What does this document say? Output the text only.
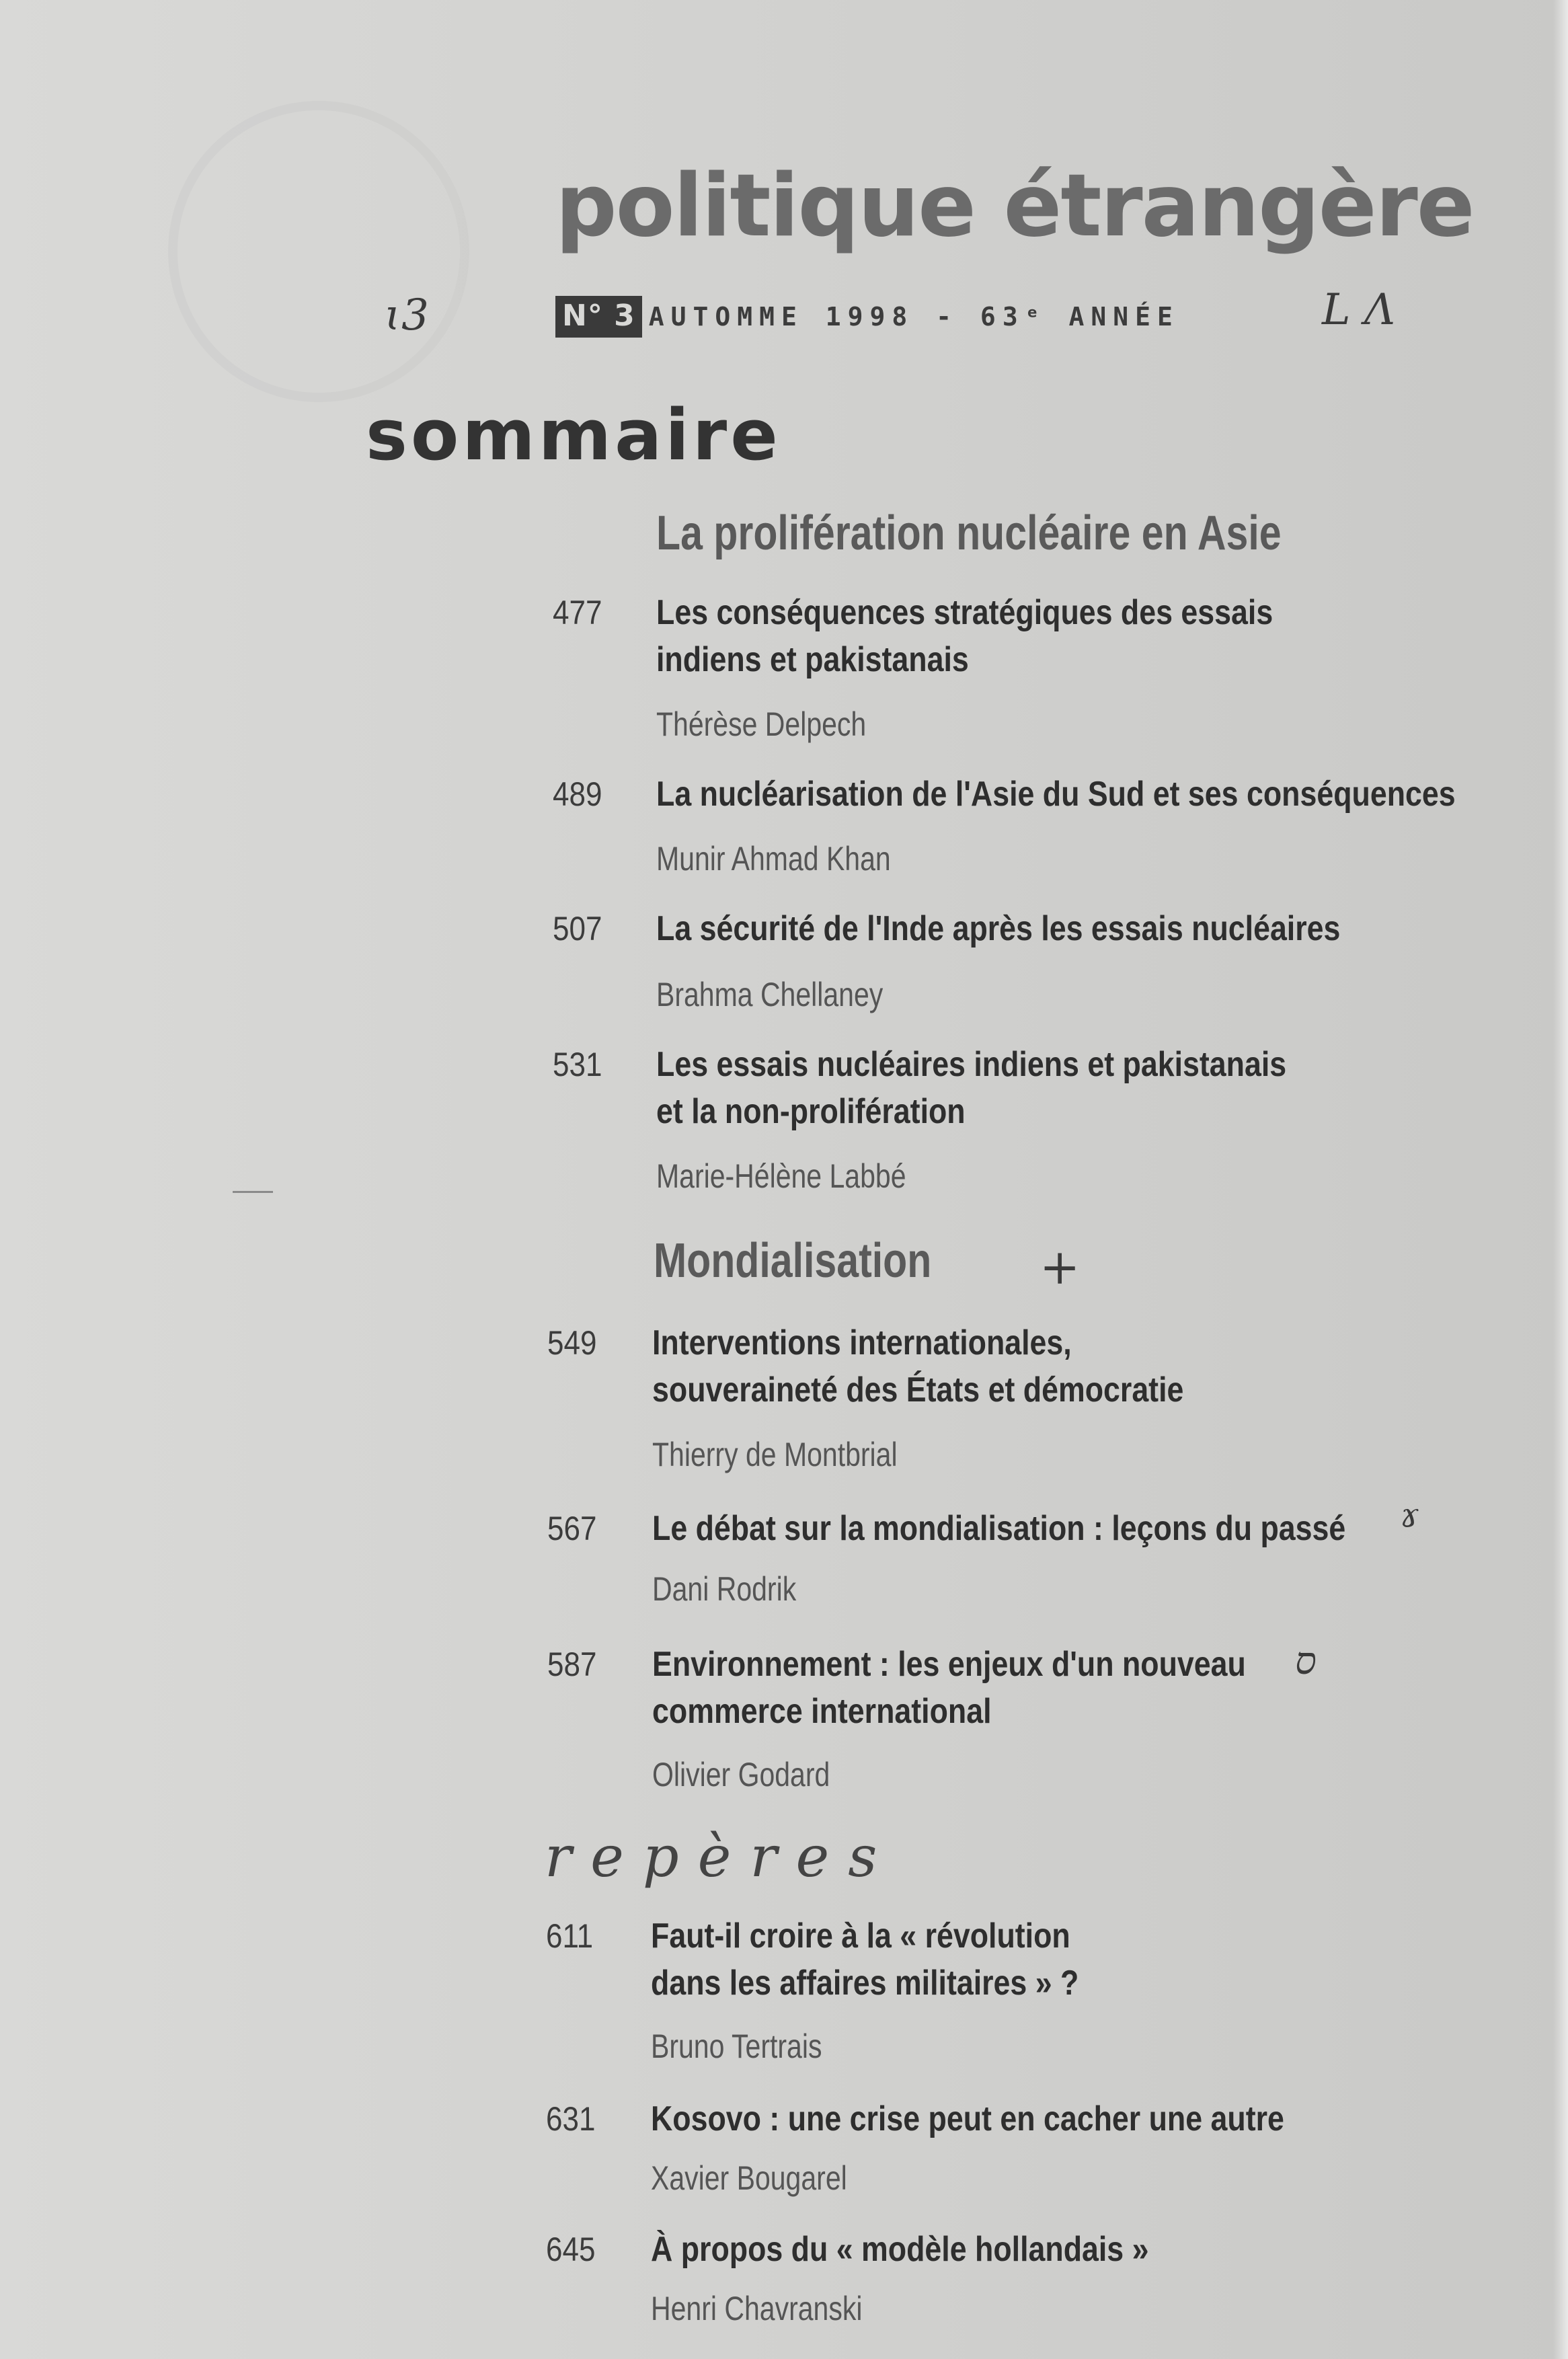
politique étrangère
N° 3 AUTOMME 1998 - 63ᵉ ANNÉE
ɩ3	L Λ
sommaire
La prolifération nucléaire en Asie
477 Les conséquences stratégiques des essais
indiens et pakistanais
Thérèse Delpech
489 La nucléarisation de l'Asie du Sud et ses conséquences
Munir Ahmad Khan
507 La sécurité de l'Inde après les essais nucléaires
Brahma Chellaney
531 Les essais nucléaires indiens et pakistanais
et la non-prolifération
Marie-Hélène Labbé
Mondialisation +
549 Interventions internationales,
souveraineté des États et démocratie
Thierry de Montbrial
567 Le débat sur la mondialisation : leçons du passé ɤ
Dani Rodrik
587 Environnement : les enjeux d'un nouveau
commerce international
ס
Olivier Godard
repères
611 Faut-il croire à la « révolution
dans les affaires militaires » ?
Bruno Tertrais
631 Kosovo : une crise peut en cacher une autre
Xavier Bougarel
645 À propos du « modèle hollandais »
Henri Chavranski
